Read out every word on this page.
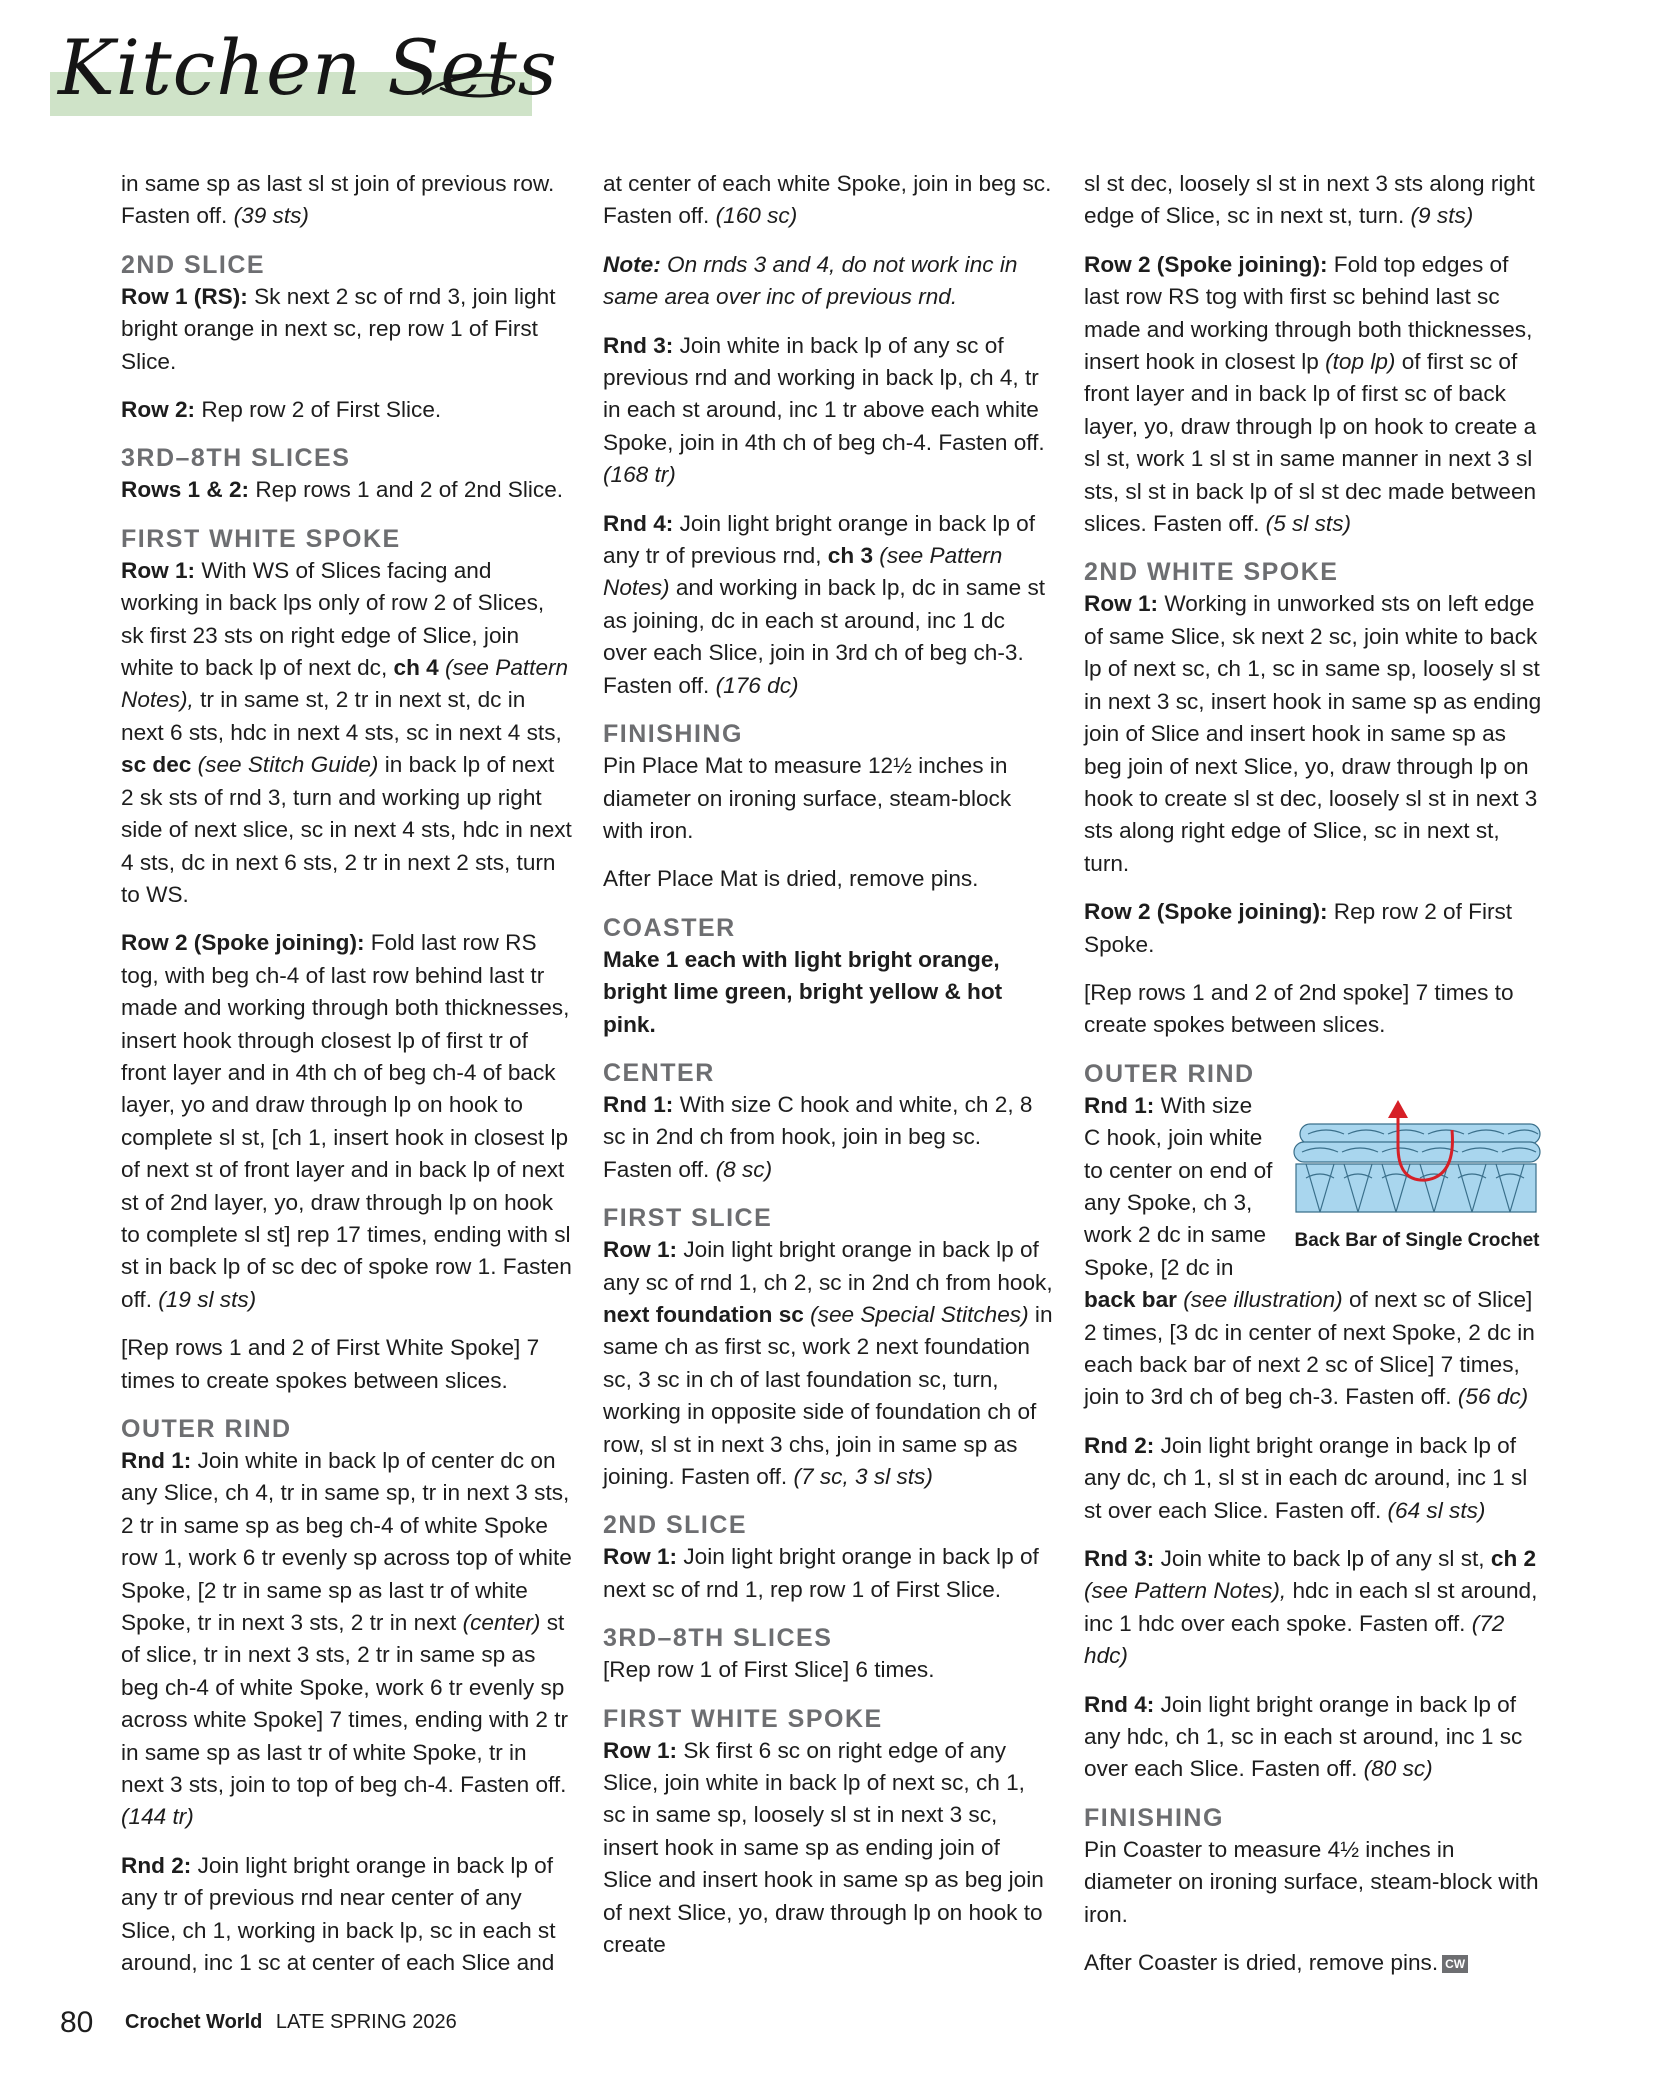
Kitchen Sets

in same sp as last sl st join of previous row. Fasten off. (39 sts)

2ND SLICE

Row 1 (RS): Sk next 2 sc of rnd 3, join light bright orange in next sc, rep row 1 of First Slice.

Row 2: Rep row 2 of First Slice.

3RD–8TH SLICES

Rows 1 & 2: Rep rows 1 and 2 of 2nd Slice.

FIRST WHITE SPOKE

Row 1: With WS of Slices facing and working in back lps only of row 2 of Slices, sk first 23 sts on right edge of Slice, join white to back lp of next dc, ch 4 (see Pattern Notes), tr in same st, 2 tr in next st, dc in next 6 sts, hdc in next 4 sts, sc in next 4 sts, sc dec (see Stitch Guide) in back lp of next 2 sk sts of rnd 3, turn and working up right side of next slice, sc in next 4 sts, hdc in next 4 sts, dc in next 6 sts, 2 tr in next 2 sts, turn to WS.

Row 2 (Spoke joining): Fold last row RS tog, with beg ch-4 of last row behind last tr made and working through both thicknesses, insert hook through closest lp of first tr of front layer and in 4th ch of beg ch-4 of back layer, yo and draw through lp on hook to complete sl st, [ch 1, insert hook in closest lp of next st of front layer and in back lp of next st of 2nd layer, yo, draw through lp on hook to complete sl st] rep 17 times, ending with sl st in back lp of sc dec of spoke row 1. Fasten off. (19 sl sts)

[Rep rows 1 and 2 of First White Spoke] 7 times to create spokes between slices.

OUTER RIND

Rnd 1: Join white in back lp of center dc on any Slice, ch 4, tr in same sp, tr in next 3 sts, 2 tr in same sp as beg ch-4 of white Spoke row 1, work 6 tr evenly sp across top of white Spoke, [2 tr in same sp as last tr of white Spoke, tr in next 3 sts, 2 tr in next (center) st of slice, tr in next 3 sts, 2 tr in same sp as beg ch-4 of white Spoke, work 6 tr evenly sp across white Spoke] 7 times, ending with 2 tr in same sp as last tr of white Spoke, tr in next 3 sts, join to top of beg ch-4. Fasten off. (144 tr)

Rnd 2: Join light bright orange in back lp of any tr of previous rnd near center of any Slice, ch 1, working in back lp, sc in each st around, inc 1 sc at center of each Slice and

at center of each white Spoke, join in beg sc. Fasten off. (160 sc)

Note: On rnds 3 and 4, do not work inc in same area over inc of previous rnd.

Rnd 3: Join white in back lp of any sc of previous rnd and working in back lp, ch 4, tr in each st around, inc 1 tr above each white Spoke, join in 4th ch of beg ch-4. Fasten off. (168 tr)

Rnd 4: Join light bright orange in back lp of any tr of previous rnd, ch 3 (see Pattern Notes) and working in back lp, dc in same st as joining, dc in each st around, inc 1 dc over each Slice, join in 3rd ch of beg ch-3. Fasten off. (176 dc)

FINISHING

Pin Place Mat to measure 12½ inches in diameter on ironing surface, steam-block with iron.

After Place Mat is dried, remove pins.

COASTER

Make 1 each with light bright orange, bright lime green, bright yellow & hot pink.

CENTER

Rnd 1: With size C hook and white, ch 2, 8 sc in 2nd ch from hook, join in beg sc. Fasten off. (8 sc)

FIRST SLICE

Row 1: Join light bright orange in back lp of any sc of rnd 1, ch 2, sc in 2nd ch from hook, next foundation sc (see Special Stitches) in same ch as first sc, work 2 next foundation sc, 3 sc in ch of last foundation sc, turn, working in opposite side of foundation ch of row, sl st in next 3 chs, join in same sp as joining. Fasten off. (7 sc, 3 sl sts)

2ND SLICE

Row 1: Join light bright orange in back lp of next sc of rnd 1, rep row 1 of First Slice.

3RD–8TH SLICES

[Rep row 1 of First Slice] 6 times.

FIRST WHITE SPOKE

Row 1: Sk first 6 sc on right edge of any Slice, join white in back lp of next sc, ch 1, sc in same sp, loosely sl st in next 3 sc, insert hook in same sp as ending join of Slice and insert hook in same sp as beg join of next Slice, yo, draw through lp on hook to create

sl st dec, loosely sl st in next 3 sts along right edge of Slice, sc in next st, turn. (9 sts)

Row 2 (Spoke joining): Fold top edges of last row RS tog with first sc behind last sc made and working through both thicknesses, insert hook in closest lp (top lp) of first sc of front layer and in back lp of first sc of back layer, yo, draw through lp on hook to create a sl st, work 1 sl st in same manner in next 3 sl sts, sl st in back lp of sl st dec made between slices. Fasten off. (5 sl sts)

2ND WHITE SPOKE

Row 1: Working in unworked sts on left edge of same Slice, sk next 2 sc, join white to back lp of next sc, ch 1, sc in same sp, loosely sl st in next 3 sc, insert hook in same sp as ending join of Slice and insert hook in same sp as beg join of next Slice, yo, draw through lp on hook to create sl st dec, loosely sl st in next 3 sts along right edge of Slice, sc in next st, turn.

Row 2 (Spoke joining): Rep row 2 of First Spoke.

[Rep rows 1 and 2 of 2nd spoke] 7 times to create spokes between slices.

OUTER RIND
Back Bar of Single Crochet

Rnd 1: With size C hook, join white to center on end of any Spoke, ch 3, work 2 dc in same Spoke, [2 dc in back bar (see illustration) of next sc of Slice] 2 times, [3 dc in center of next Spoke, 2 dc in each back bar of next 2 sc of Slice] 7 times, join to 3rd ch of beg ch-3. Fasten off. (56 dc)

Rnd 2: Join light bright orange in back lp of any dc, ch 1, sl st in each dc around, inc 1 sl st over each Slice. Fasten off. (64 sl sts)

Rnd 3: Join white to back lp of any sl st, ch 2 (see Pattern Notes), hdc in each sl st around, inc 1 hdc over each spoke. Fasten off. (72 hdc)

Rnd 4: Join light bright orange in back lp of any hdc, ch 1, sc in each st around, inc 1 sc over each Slice. Fasten off. (80 sc)

FINISHING

Pin Coaster to measure 4½ inches in diameter on ironing surface, steam-block with iron.

After Coaster is dried, remove pins. CW

80 Crochet World LATE SPRING 2026
